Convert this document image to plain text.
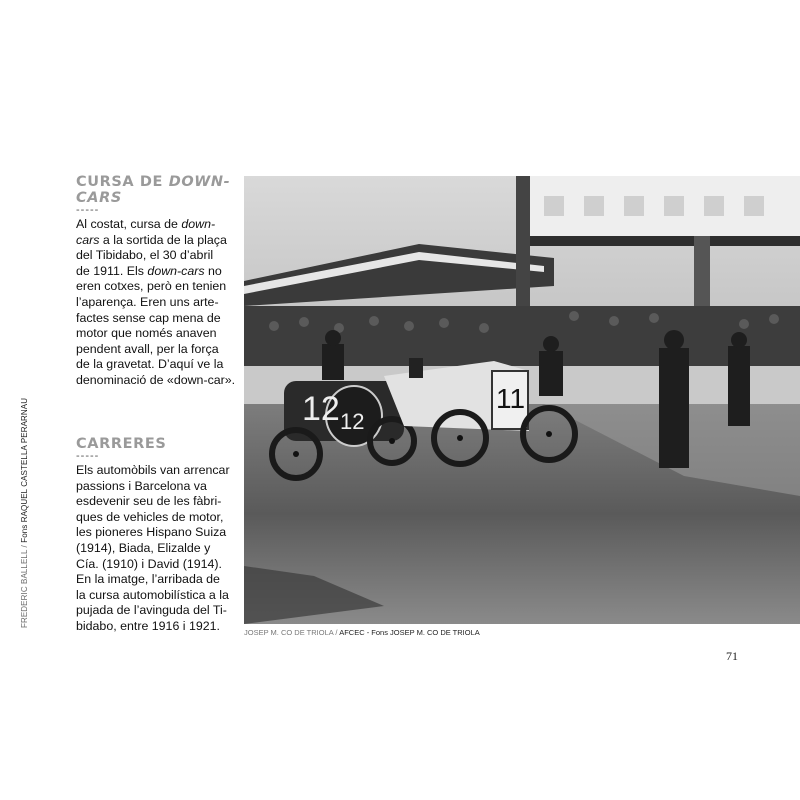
FREDERIC BALLELL / Fons RAQUEL CASTELLA PERARNAU
CURSA DE DOWN-CARS
-----

Al costat, cursa de down-

cars a la sortida de la plaça

del Tibidabo, el 30 d’abril

de 1911. Els down-cars no

eren cotxes, però en tenien

l’aparença. Eren uns arte-

factes sense cap mena de

motor que només anaven

pendent avall, per la força

de la gravetat. D’aquí ve la

denominació de «down-car».

CARRERES
-----

Els automòbils van arrencar

passions i Barcelona va

esdevenir seu de les fàbri-

ques de vehicles de motor,

les pioneres Hispano Suiza

(1914), Biada, Elizalde y

Cía. (1910) i David (1914).

En la imatge, l’arribada de

la cursa automobilística a la

pujada de l’avinguda del Ti-

bidabo, entre 1916 i 1921.

12 12
11
JOSEP M. CO DE TRIOLA / AFCEC - Fons JOSEP M. CO DE TRIOLA
71
